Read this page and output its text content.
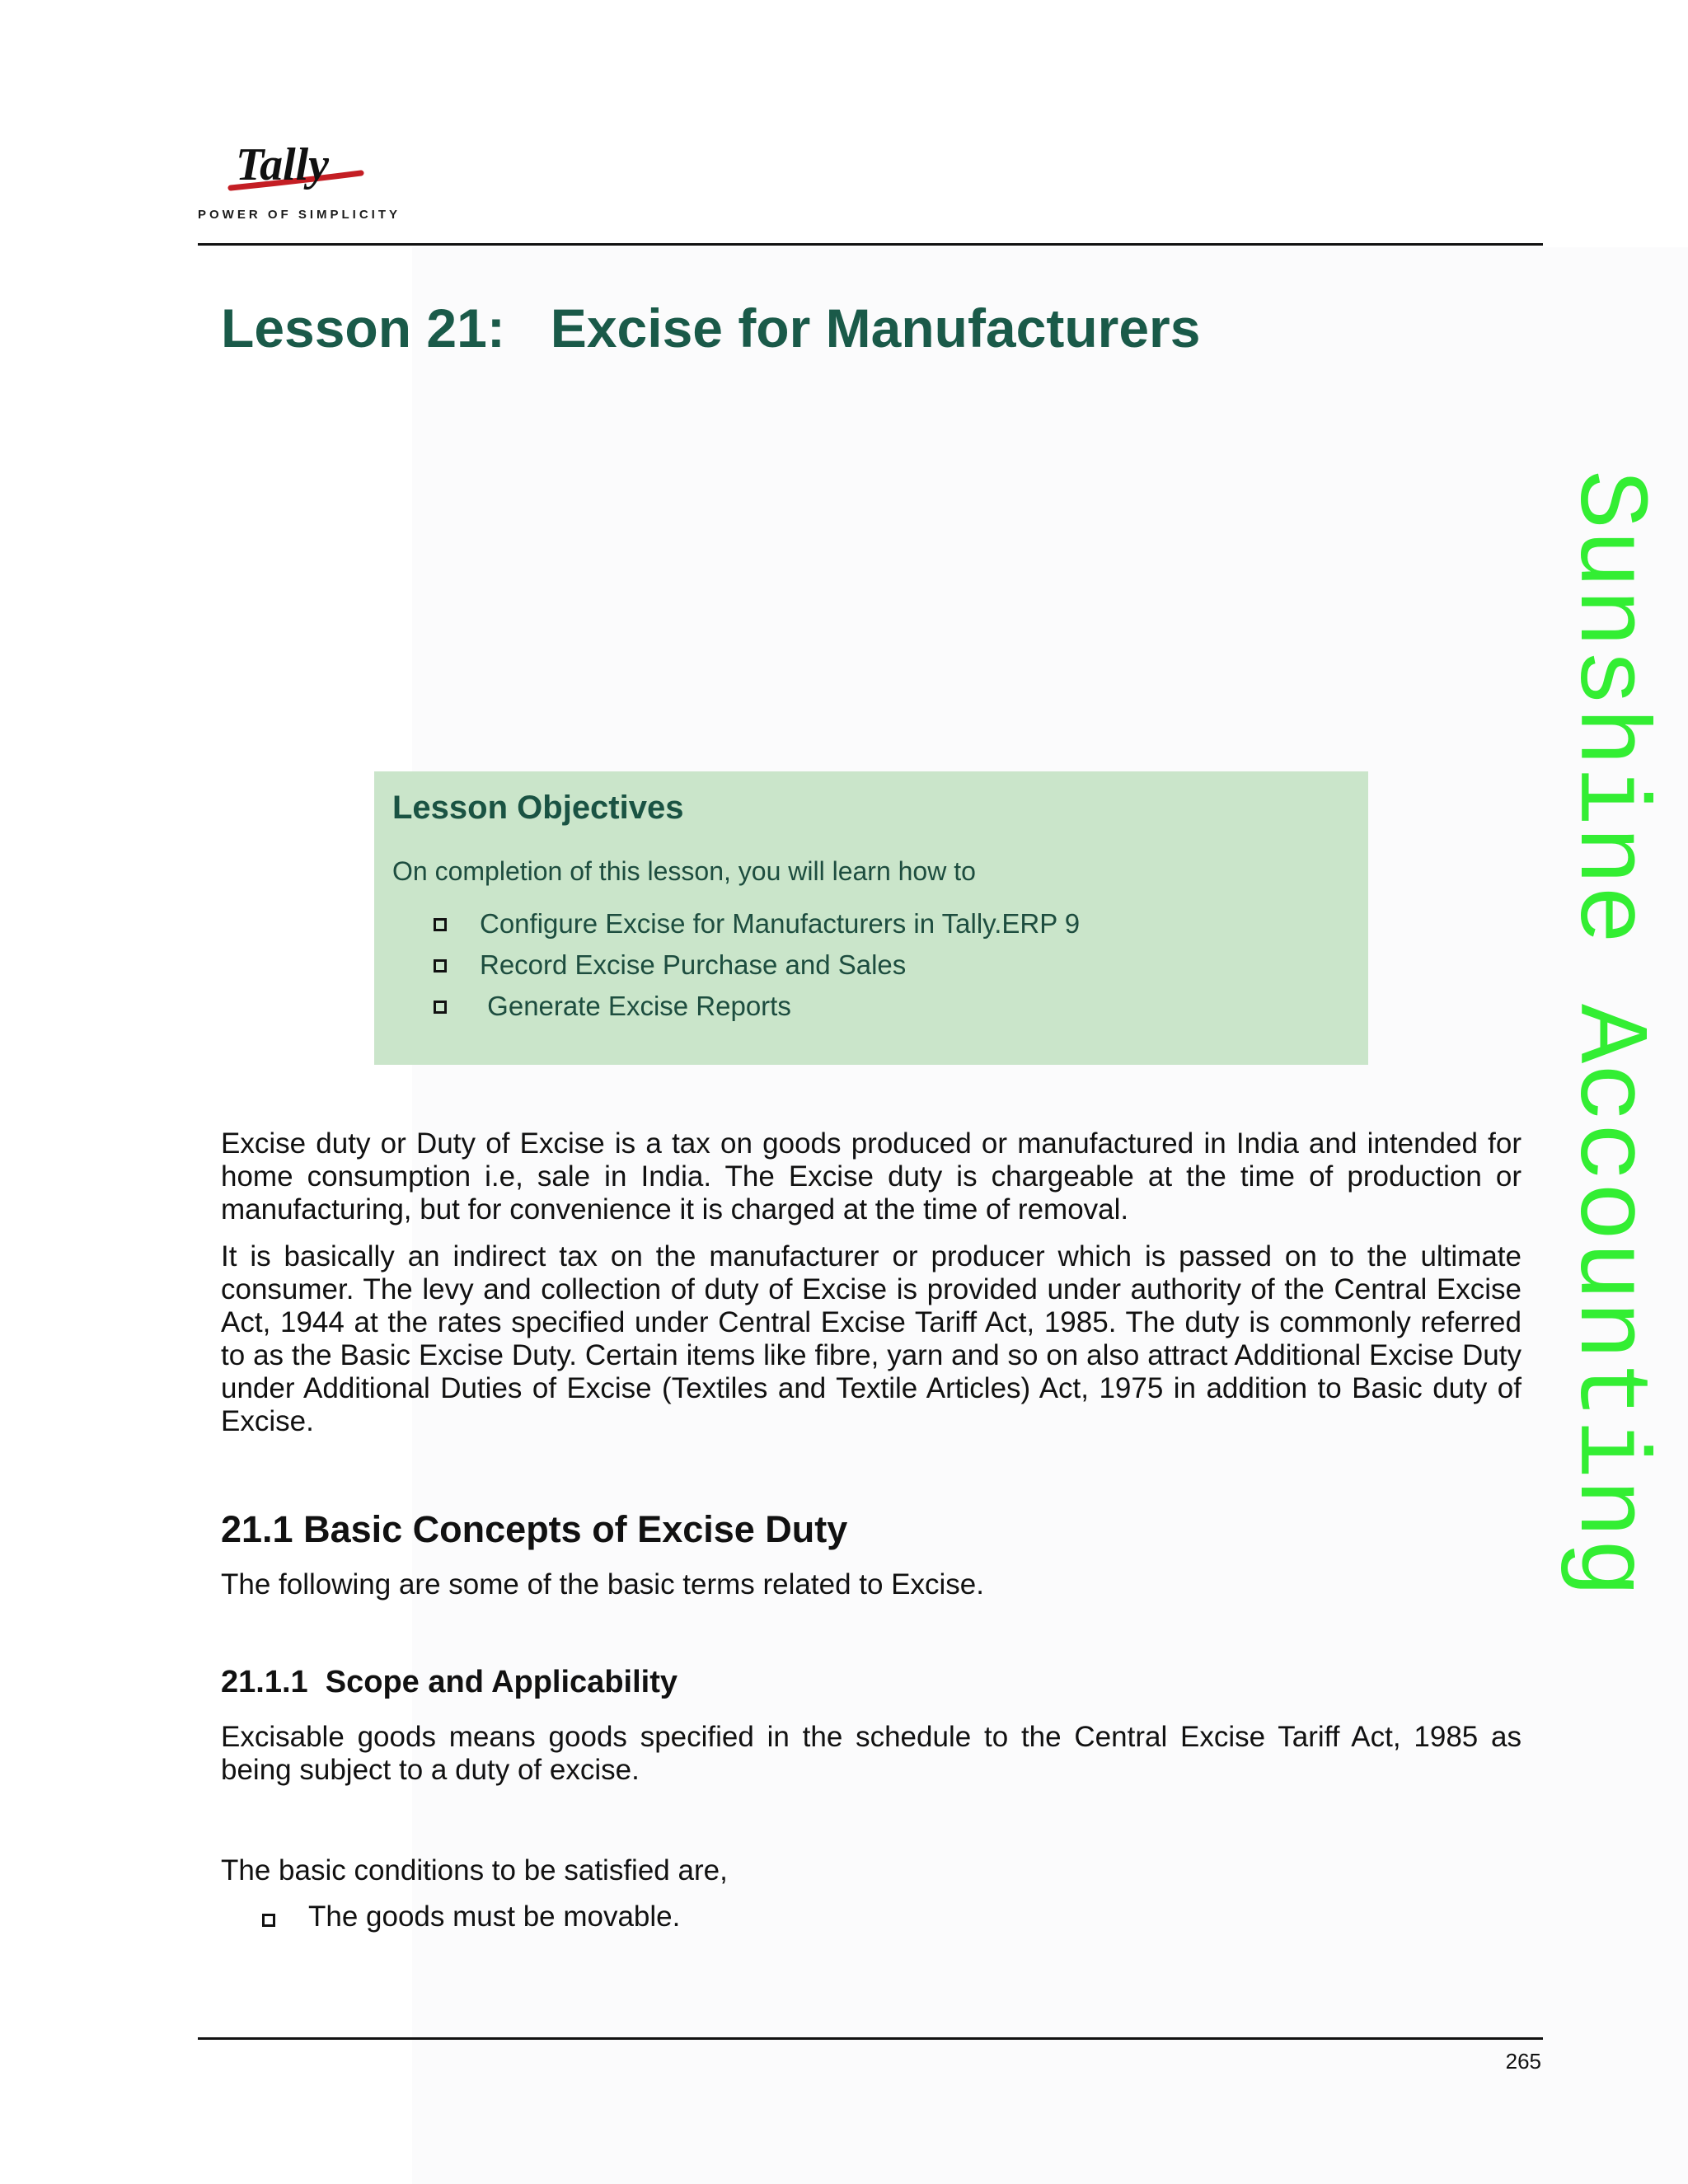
Tally
POWER OF SIMPLICITY
Lesson 21:   Excise for Manufacturers
Sunshine Accounting
Lesson Objectives
On completion of this lesson, you will learn how to
Configure Excise for Manufacturers in Tally.ERP 9
Record Excise Purchase and Sales
Generate Excise Reports

Excise duty or Duty of Excise is a tax on goods produced or manufactured in India and intended for home consumption i.e, sale in India. The Excise duty is chargeable at the time of production or manufacturing, but for convenience it is charged at the time of removal.

It is basically an indirect tax on the manufacturer or producer which is passed on to the ultimate consumer. The levy and collection of duty of Excise is provided under authority of the Central Excise Act, 1944 at the rates specified under Central Excise Tariff Act, 1985. The duty is commonly referred to as the Basic Excise Duty. Certain items like fibre, yarn and so on also attract Additional Excise Duty under Additional Duties of Excise (Textiles and Textile Articles) Act, 1975 in addition to Basic duty of Excise.

21.1 Basic Concepts of Excise Duty

The following are some of the basic terms related to Excise.

21.1.1  Scope and Applicability

Excisable goods means goods specified in the schedule to the Central Excise Tariff Act, 1985 as being subject to a duty of excise.

The basic conditions to be satisfied are,

The goods must be movable.
265
